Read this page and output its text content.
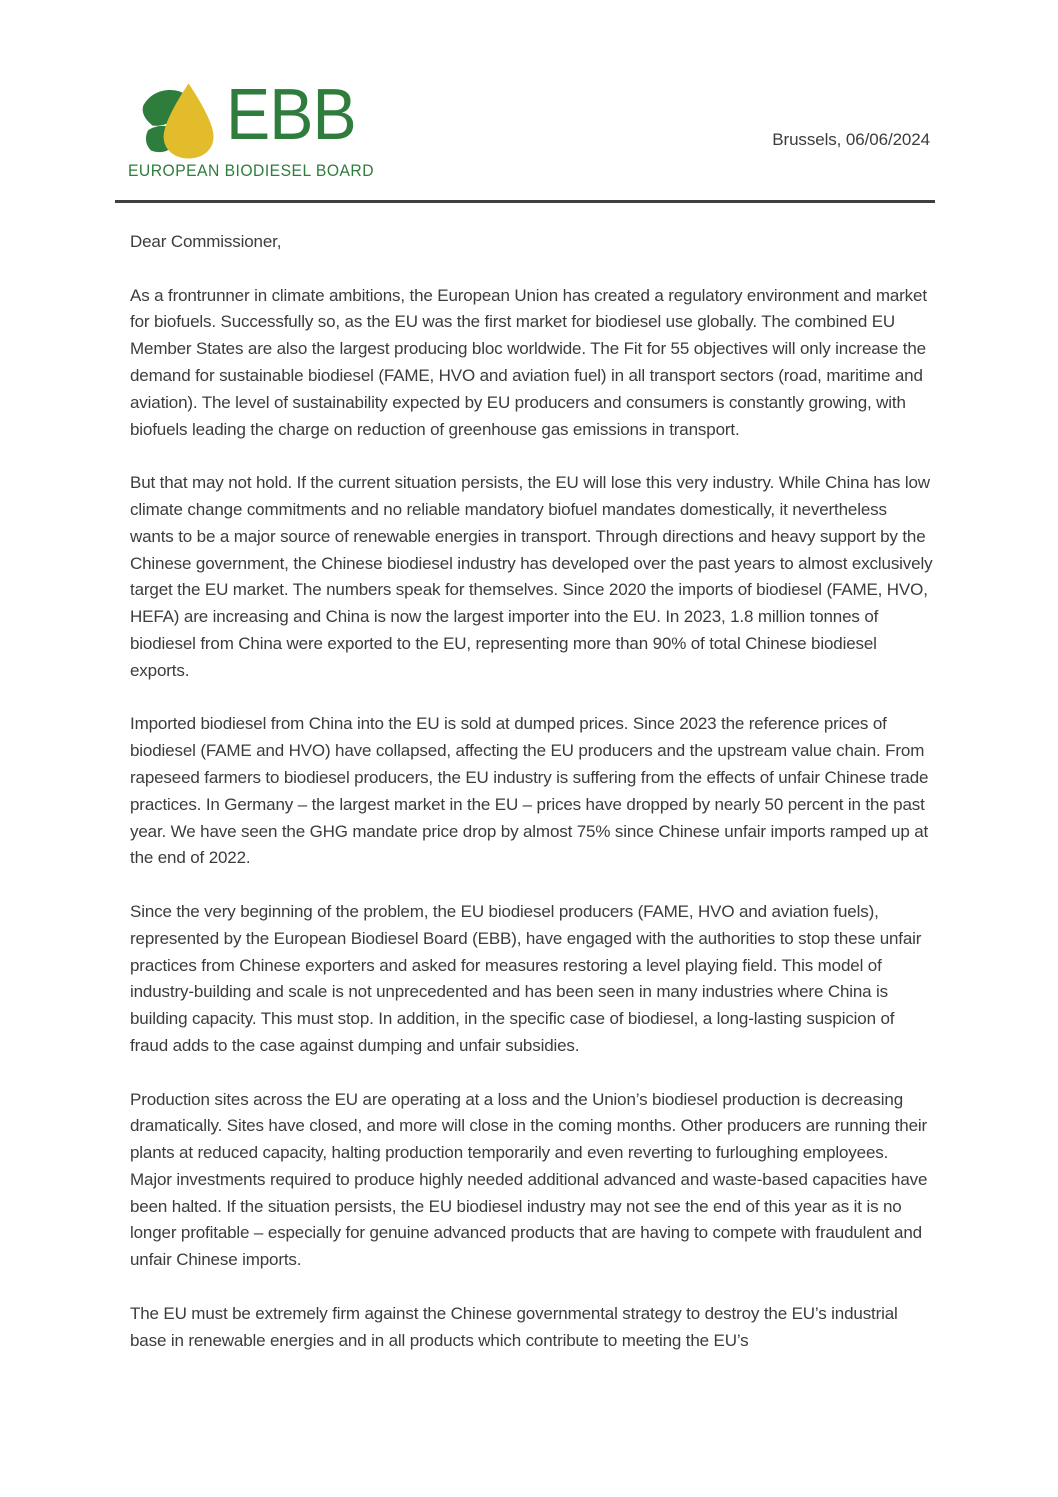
EBB
EUROPEAN BIODIESEL BOARD
Brussels, 06/06/2024

Dear Commissioner,

As a frontrunner in climate ambitions, the European Union has created a regulatory environment and market for biofuels. Successfully so, as the EU was the first market for biodiesel use globally. The combined EU Member States are also the largest producing bloc worldwide. The Fit for 55 objectives will only increase the demand for sustainable biodiesel (FAME, HVO and aviation fuel) in all transport sectors (road, maritime and aviation). The level of sustainability expected by EU producers and consumers is constantly growing, with biofuels leading the charge on reduction of greenhouse gas emissions in transport.

But that may not hold. If the current situation persists, the EU will lose this very industry. While China has low climate change commitments and no reliable mandatory biofuel mandates domestically, it nevertheless wants to be a major source of renewable energies in transport. Through directions and heavy support by the Chinese government, the Chinese biodiesel industry has developed over the past years to almost exclusively target the EU market. The numbers speak for themselves. Since 2020 the imports of biodiesel (FAME, HVO, HEFA) are increasing and China is now the largest importer into the EU. In 2023, 1.8 million tonnes of biodiesel from China were exported to the EU, representing more than 90% of total Chinese biodiesel exports.

Imported biodiesel from China into the EU is sold at dumped prices. Since 2023 the reference prices of biodiesel (FAME and HVO) have collapsed, affecting the EU producers and the upstream value chain. From rapeseed farmers to biodiesel producers, the EU industry is suffering from the effects of unfair Chinese trade practices. In Germany – the largest market in the EU – prices have dropped by nearly 50 percent in the past year. We have seen the GHG mandate price drop by almost 75% since Chinese unfair imports ramped up at the end of 2022.

Since the very beginning of the problem, the EU biodiesel producers (FAME, HVO and aviation fuels), represented by the European Biodiesel Board (EBB), have engaged with the authorities to stop these unfair practices from Chinese exporters and asked for measures restoring a level playing field. This model of industry-building and scale is not unprecedented and has been seen in many industries where China is building capacity. This must stop. In addition, in the specific case of biodiesel, a long-lasting suspicion of fraud adds to the case against dumping and unfair subsidies.

Production sites across the EU are operating at a loss and the Union’s biodiesel production is decreasing dramatically. Sites have closed, and more will close in the coming months. Other producers are running their plants at reduced capacity, halting production temporarily and even reverting to furloughing employees. Major investments required to produce highly needed additional advanced and waste-based capacities have been halted. If the situation persists, the EU biodiesel industry may not see the end of this year as it is no longer profitable – especially for genuine advanced products that are having to compete with fraudulent and unfair Chinese imports.

The EU must be extremely firm against the Chinese governmental strategy to destroy the EU’s industrial base in renewable energies and in all products which contribute to meeting the EU’s
